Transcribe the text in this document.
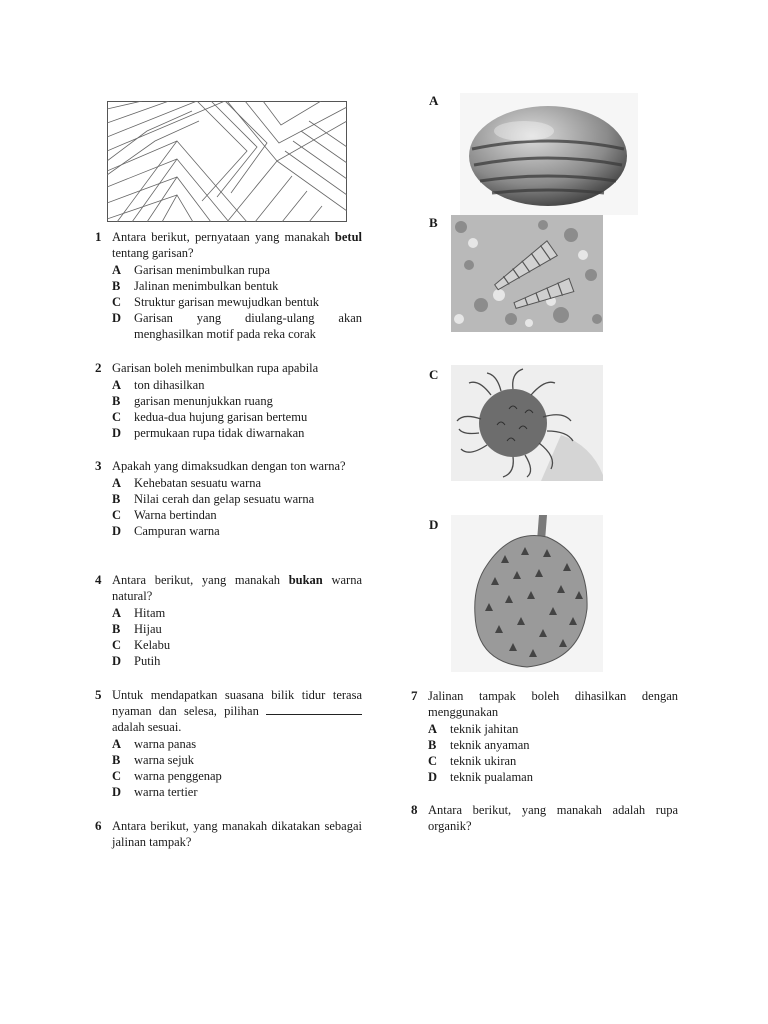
1 Antara berikut, pernyataan yang manakah betul tentang garisan?
A Garisan menimbulkan rupa
B Jalinan menimbulkan bentuk
C Struktur garisan mewujudkan bentuk
D Garisan yang diulang-ulang akan menghasilkan motif pada reka corak
2 Garisan boleh menimbulkan rupa apabila
A ton dihasilkan
B garisan menunjukkan ruang
C kedua-dua hujung garisan bertemu
D permukaan rupa tidak diwarnakan
3 Apakah yang dimaksudkan dengan ton warna?
A Kehebatan sesuatu warna
B Nilai cerah dan gelap sesuatu warna
C Warna bertindan
D Campuran warna
4 Antara berikut, yang manakah bukan warna natural?
A Hitam
B Hijau
C Kelabu
D Putih
5 Untuk mendapatkan suasana bilik tidur terasa nyaman dan selesa, pilihan  adalah sesuai.
A warna panas
B warna sejuk
C warna penggenap
D warna tertier
6 Antara berikut, yang manakah dikatakan sebagai jalinan tampak?
A
B
C
D
7 Jalinan tampak boleh dihasilkan dengan menggunakan
A teknik jahitan
B teknik anyaman
C teknik ukiran
D teknik pualaman
8 Antara berikut, yang manakah adalah rupa organik?
